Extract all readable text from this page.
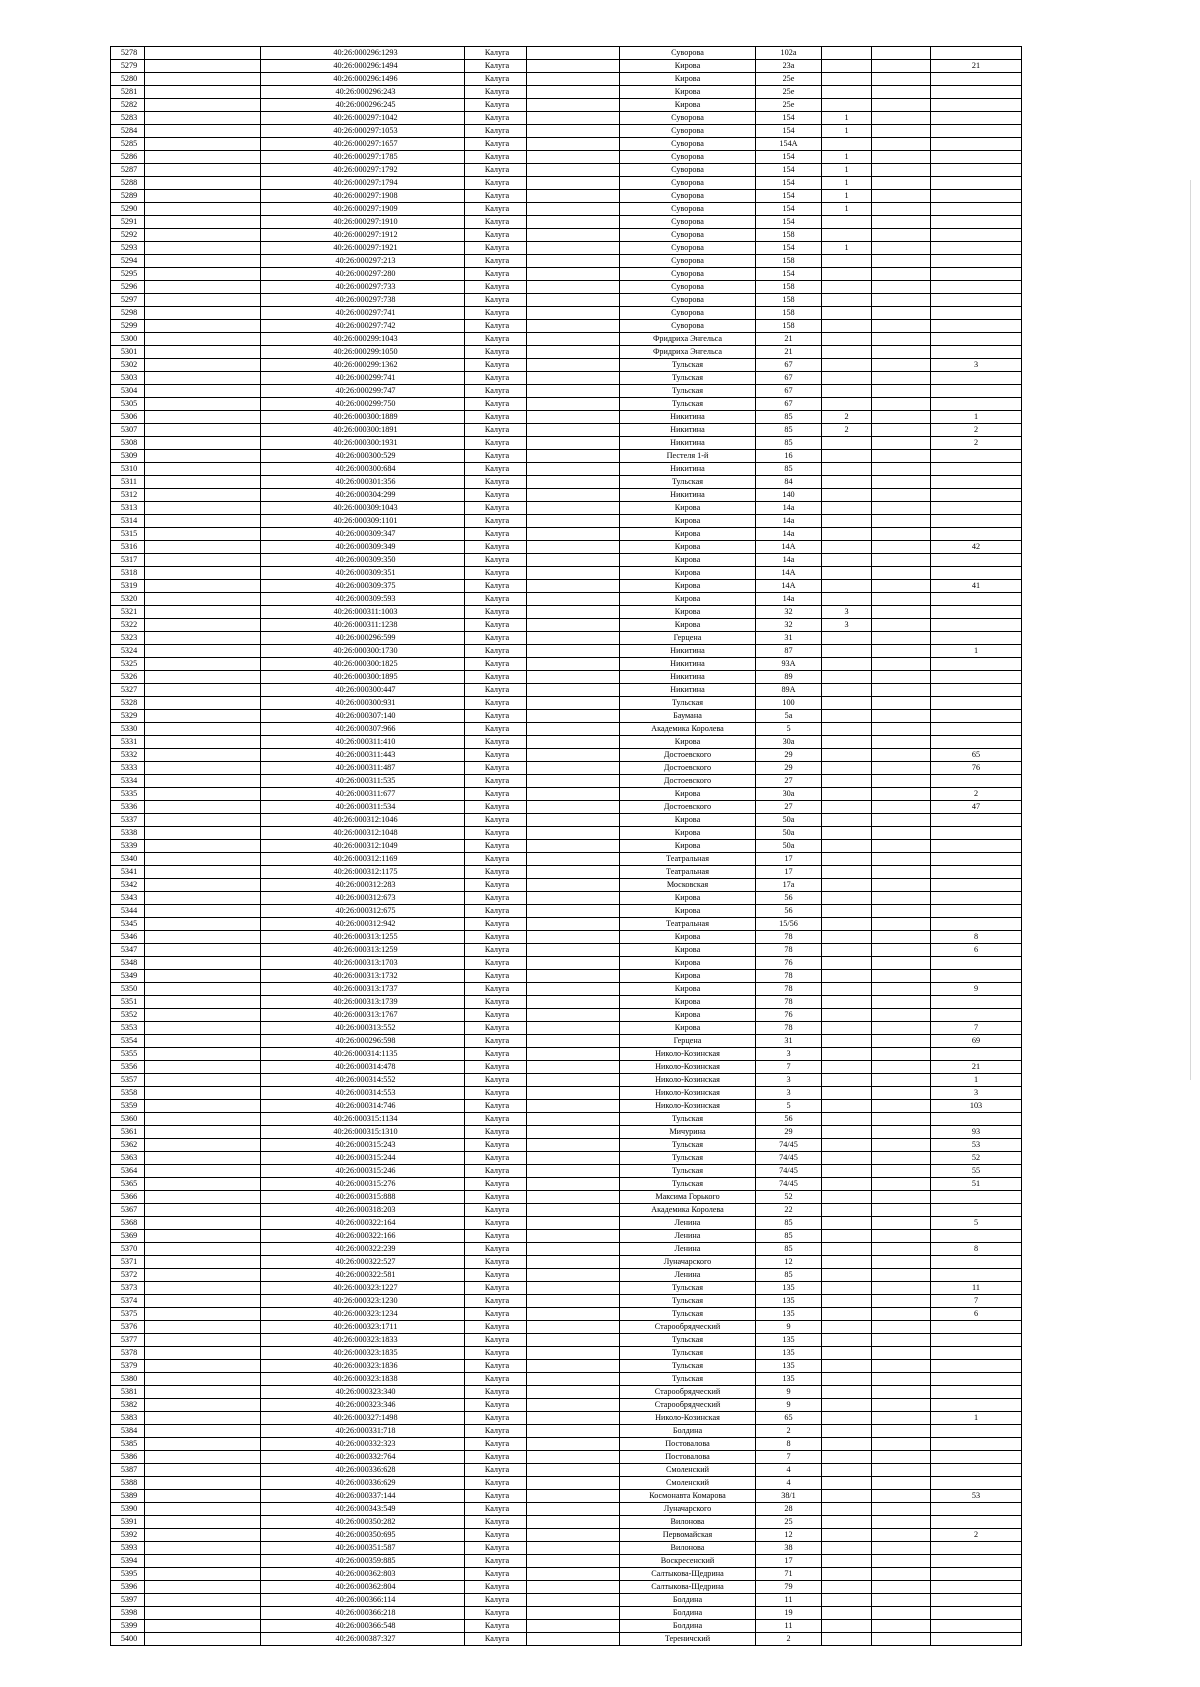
5278		40:26:000296:1293	Калуга		Суворова	102а			
5279		40:26:000296:1494	Калуга		Кирова	23а			21
5280		40:26:000296:1496	Калуга		Кирова	25е			
5281		40:26:000296:243	Калуга		Кирова	25е			
5282		40:26:000296:245	Калуга		Кирова	25е			
5283		40:26:000297:1042	Калуга		Суворова	154	1		
5284		40:26:000297:1053	Калуга		Суворова	154	1		
5285		40:26:000297:1657	Калуга		Суворова	154А			
5286		40:26:000297:1785	Калуга		Суворова	154	1		
5287		40:26:000297:1792	Калуга		Суворова	154	1		
5288		40:26:000297:1794	Калуга		Суворова	154	1		
5289		40:26:000297:1908	Калуга		Суворова	154	1		
5290		40:26:000297:1909	Калуга		Суворова	154	1		
5291		40:26:000297:1910	Калуга		Суворова	154			
5292		40:26:000297:1912	Калуга		Суворова	158			
5293		40:26:000297:1921	Калуга		Суворова	154	1		
5294		40:26:000297:213	Калуга		Суворова	158			
5295		40:26:000297:280	Калуга		Суворова	154			
5296		40:26:000297:733	Калуга		Суворова	158			
5297		40:26:000297:738	Калуга		Суворова	158			
5298		40:26:000297:741	Калуга		Суворова	158			
5299		40:26:000297:742	Калуга		Суворова	158			
5300		40:26:000299:1043	Калуга		Фридриха Энгельса	21			
5301		40:26:000299:1050	Калуга		Фридриха Энгельса	21			
5302		40:26:000299:1362	Калуга		Тульская	67			3
5303		40:26:000299:741	Калуга		Тульская	67			
5304		40:26:000299:747	Калуга		Тульская	67			
5305		40:26:000299:750	Калуга		Тульская	67			
5306		40:26:000300:1889	Калуга		Никитина	85	2		1
5307		40:26:000300:1891	Калуга		Никитина	85	2		2
5308		40:26:000300:1931	Калуга		Никитина	85			2
5309		40:26:000300:529	Калуга		Пестеля 1-й	16			
5310		40:26:000300:684	Калуга		Никитина	85			
5311		40:26:000301:356	Калуга		Тульская	84			
5312		40:26:000304:299	Калуга		Никитина	140			
5313		40:26:000309:1043	Калуга		Кирова	14а			
5314		40:26:000309:1101	Калуга		Кирова	14а			
5315		40:26:000309:347	Калуга		Кирова	14а			
5316		40:26:000309:349	Калуга		Кирова	14А			42
5317		40:26:000309:350	Калуга		Кирова	14а			
5318		40:26:000309:351	Калуга		Кирова	14А			
5319		40:26:000309:375	Калуга		Кирова	14А			41
5320		40:26:000309:593	Калуга		Кирова	14а			
5321		40:26:000311:1003	Калуга		Кирова	32	3		
5322		40:26:000311:1238	Калуга		Кирова	32	3		
5323		40:26:000296:599	Калуга		Герцена	31			
5324		40:26:000300:1730	Калуга		Никитина	87			1
5325		40:26:000300:1825	Калуга		Никитина	93А			
5326		40:26:000300:1895	Калуга		Никитина	89			
5327		40:26:000300:447	Калуга		Никитина	89А			
5328		40:26:000300:931	Калуга		Тульская	100			
5329		40:26:000307:140	Калуга		Баумана	5а			
5330		40:26:000307:966	Калуга		Академика Королева	5			
5331		40:26:000311:410	Калуга		Кирова	30а			
5332		40:26:000311:443	Калуга		Достоевского	29			65
5333		40:26:000311:487	Калуга		Достоевского	29			76
5334		40:26:000311:535	Калуга		Достоевского	27			
5335		40:26:000311:677	Калуга		Кирова	30а			2
5336		40:26:000311:534	Калуга		Достоевского	27			47
5337		40:26:000312:1046	Калуга		Кирова	50а			
5338		40:26:000312:1048	Калуга		Кирова	50а			
5339		40:26:000312:1049	Калуга		Кирова	50а			
5340		40:26:000312:1169	Калуга		Театральная	17			
5341		40:26:000312:1175	Калуга		Театральная	17			
5342		40:26:000312:283	Калуга		Московская	17а			
5343		40:26:000312:673	Калуга		Кирова	56			
5344		40:26:000312:675	Калуга		Кирова	56			
5345		40:26:000312:942	Калуга		Театральная	15/56			
5346		40:26:000313:1255	Калуга		Кирова	78			8
5347		40:26:000313:1259	Калуга		Кирова	78			6
5348		40:26:000313:1703	Калуга		Кирова	76			
5349		40:26:000313:1732	Калуга		Кирова	78			
5350		40:26:000313:1737	Калуга		Кирова	78			9
5351		40:26:000313:1739	Калуга		Кирова	78			
5352		40:26:000313:1767	Калуга		Кирова	76			
5353		40:26:000313:552	Калуга		Кирова	78			7
5354		40:26:000296:598	Калуга		Герцена	31			69
5355		40:26:000314:1135	Калуга		Николо-Козинская	3			
5356		40:26:000314:478	Калуга		Николо-Козинская	7			21
5357		40:26:000314:552	Калуга		Николо-Козинская	3			1
5358		40:26:000314:553	Калуга		Николо-Козинская	3			3
5359		40:26:000314:746	Калуга		Николо-Козинская	5			103
5360		40:26:000315:1134	Калуга		Тульская	56			
5361		40:26:000315:1310	Калуга		Мичурина	29			93
5362		40:26:000315:243	Калуга		Тульская	74/45			53
5363		40:26:000315:244	Калуга		Тульская	74/45			52
5364		40:26:000315:246	Калуга		Тульская	74/45			55
5365		40:26:000315:276	Калуга		Тульская	74/45			51
5366		40:26:000315:888	Калуга		Максима Горького	52			
5367		40:26:000318:203	Калуга		Академика Королева	22			
5368		40:26:000322:164	Калуга		Ленина	85			5
5369		40:26:000322:166	Калуга		Ленина	85			
5370		40:26:000322:239	Калуга		Ленина	85			8
5371		40:26:000322:527	Калуга		Луначарского	12			
5372		40:26:000322:581	Калуга		Ленина	85			
5373		40:26:000323:1227	Калуга		Тульская	135			11
5374		40:26:000323:1230	Калуга		Тульская	135			7
5375		40:26:000323:1234	Калуга		Тульская	135			6
5376		40:26:000323:1711	Калуга		Старообрядческий	9			
5377		40:26:000323:1833	Калуга		Тульская	135			
5378		40:26:000323:1835	Калуга		Тульская	135			
5379		40:26:000323:1836	Калуга		Тульская	135			
5380		40:26:000323:1838	Калуга		Тульская	135			
5381		40:26:000323:340	Калуга		Старообрядческий	9			
5382		40:26:000323:346	Калуга		Старообрядческий	9			
5383		40:26:000327:1498	Калуга		Николо-Козинская	65			1
5384		40:26:000331:718	Калуга		Болдина	2			
5385		40:26:000332:323	Калуга		Постовалова	8			
5386		40:26:000332:764	Калуга		Постовалова	7			
5387		40:26:000336:628	Калуга		Смоленский	4			
5388		40:26:000336:629	Калуга		Смоленский	4			
5389		40:26:000337:144	Калуга		Космонавта Комарова	38/1			53
5390		40:26:000343:549	Калуга		Луначарского	28			
5391		40:26:000350:282	Калуга		Вилонова	25			
5392		40:26:000350:695	Калуга		Первомайская	12			2
5393		40:26:000351:587	Калуга		Вилонова	38			
5394		40:26:000359:885	Калуга		Воскресенский	17			
5395		40:26:000362:803	Калуга		Салтыкова-Щедрина	71			
5396		40:26:000362:804	Калуга		Салтыкова-Щедрина	79			
5397		40:26:000366:114	Калуга		Болдина	11			
5398		40:26:000366:218	Калуга		Болдина	19			
5399		40:26:000366:548	Калуга		Болдина	11			
5400		40:26:000387:327	Калуга		Тереничский	2			
